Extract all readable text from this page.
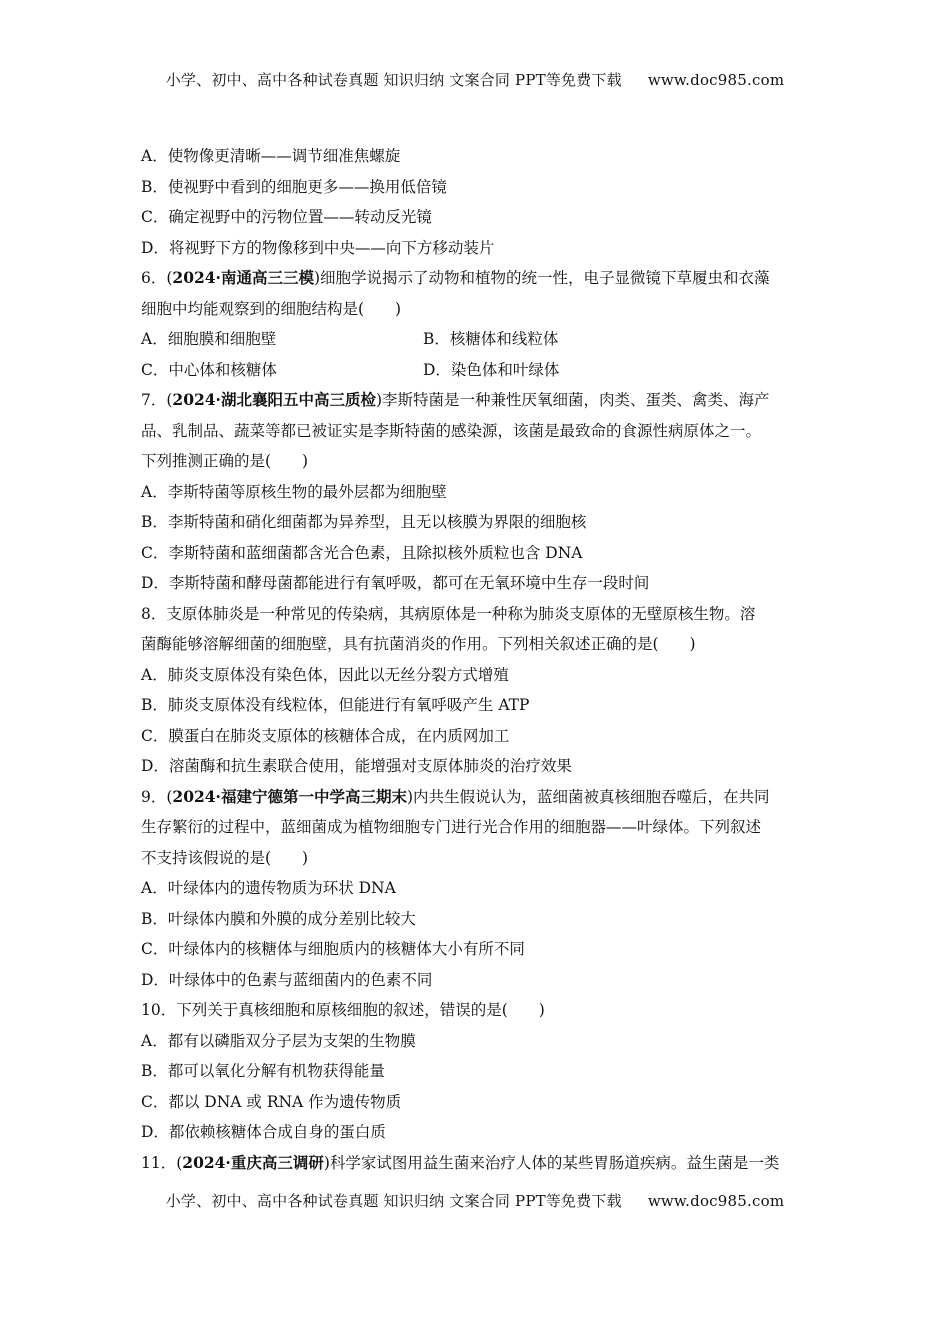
小学、初中、高中各种试卷真题 知识归纳 文案合同 PPT等免费下载 www.doc985.com
A．使物像更清晰——调节细准焦螺旋
B．使视野中看到的细胞更多——换用低倍镜
C．确定视野中的污物位置——转动反光镜
D．将视野下方的物像移到中央——向下方移动装片
6．(2024·南通高三三模)细胞学说揭示了动物和植物的统一性，电子显微镜下草履虫和衣藻
细胞中均能观察到的细胞结构是(　　)
A．细胞膜和细胞壁	B．核糖体和线粒体
C．中心体和核糖体	D．染色体和叶绿体
7．(2024·湖北襄阳五中高三质检)李斯特菌是一种兼性厌氧细菌，肉类、蛋类、禽类、海产
品、乳制品、蔬菜等都已被证实是李斯特菌的感染源，该菌是最致命的食源性病原体之一。
下列推测正确的是(　　)
A．李斯特菌等原核生物的最外层都为细胞壁
B．李斯特菌和硝化细菌都为异养型，且无以核膜为界限的细胞核
C．李斯特菌和蓝细菌都含光合色素，且除拟核外质粒也含 DNA
D．李斯特菌和酵母菌都能进行有氧呼吸，都可在无氧环境中生存一段时间
8．支原体肺炎是一种常见的传染病，其病原体是一种称为肺炎支原体的无壁原核生物。溶
菌酶能够溶解细菌的细胞壁，具有抗菌消炎的作用。下列相关叙述正确的是(　　)
A．肺炎支原体没有染色体，因此以无丝分裂方式增殖
B．肺炎支原体没有线粒体，但能进行有氧呼吸产生 ATP
C．膜蛋白在肺炎支原体的核糖体合成，在内质网加工
D．溶菌酶和抗生素联合使用，能增强对支原体肺炎的治疗效果
9．(2024·福建宁德第一中学高三期末)内共生假说认为，蓝细菌被真核细胞吞噬后，在共同
生存繁衍的过程中，蓝细菌成为植物细胞专门进行光合作用的细胞器——叶绿体。下列叙述
不支持该假说的是(　　)
A．叶绿体内的遗传物质为环状 DNA
B．叶绿体内膜和外膜的成分差别比较大
C．叶绿体内的核糖体与细胞质内的核糖体大小有所不同
D．叶绿体中的色素与蓝细菌内的色素不同
10．下列关于真核细胞和原核细胞的叙述，错误的是(　　)
A．都有以磷脂双分子层为支架的生物膜
B．都可以氧化分解有机物获得能量
C．都以 DNA 或 RNA 作为遗传物质
D．都依赖核糖体合成自身的蛋白质
11．(2024·重庆高三调研)科学家试图用益生菌来治疗人体的某些胃肠道疾病。益生菌是一类
小学、初中、高中各种试卷真题 知识归纳 文案合同 PPT等免费下载 www.doc985.com
